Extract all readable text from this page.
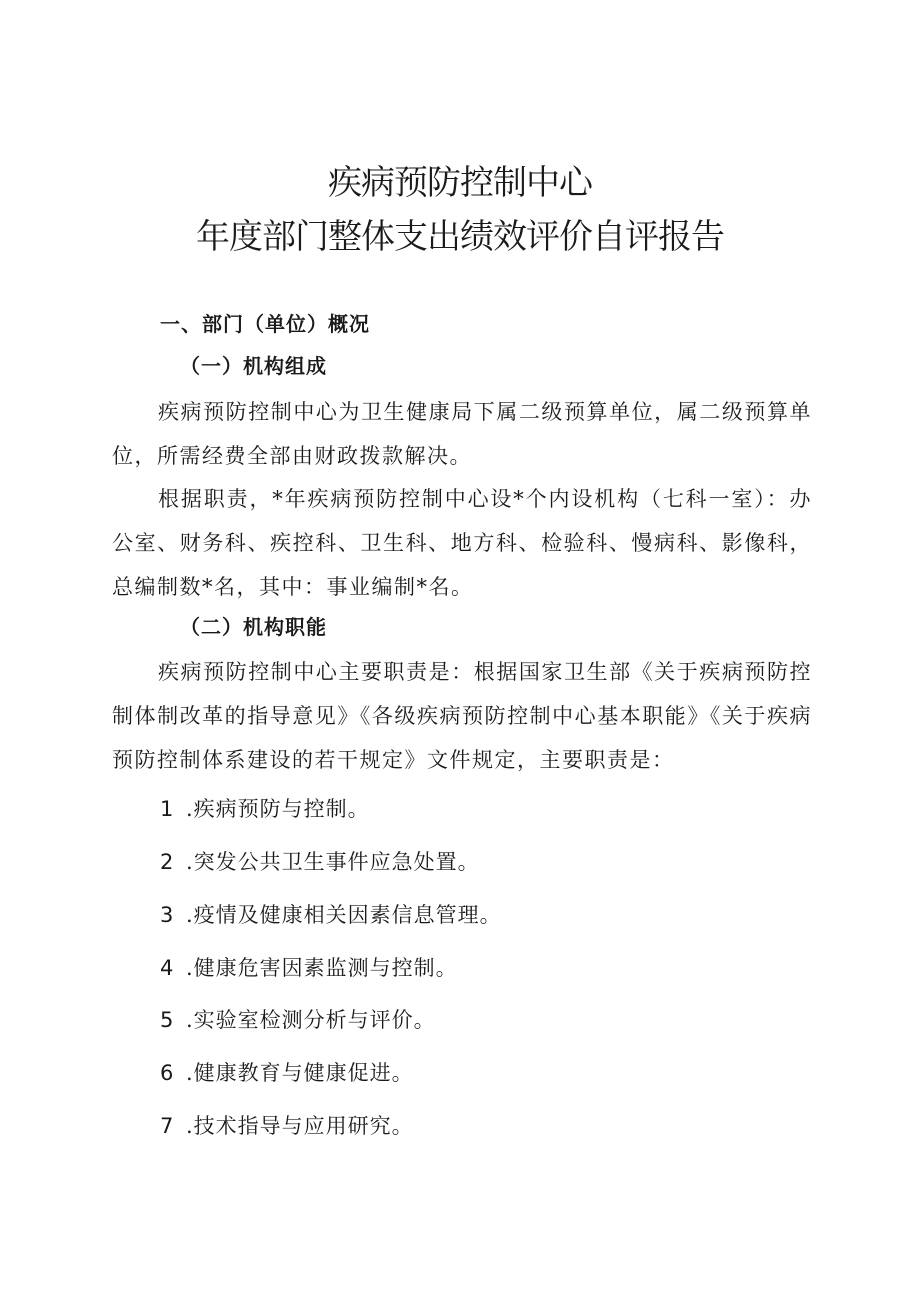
疾病预防控制中心
年度部门整体支出绩效评价自评报告
一、部门（单位）概况
（一）机构组成

疾病预防控制中心为卫生健康局下属二级预算单位，属二级预算单位，所需经费全部由财政拨款解决。

根据职责，*年疾病预防控制中心设*个内设机构（七科一室）：办公室、财务科、疾控科、卫生科、地方科、检验科、慢病科、影像科，总编制数*名，其中：事业编制*名。

（二）机构职能

疾病预防控制中心主要职责是：根据国家卫生部《关于疾病预防控制体制改革的指导意见》《各级疾病预防控制中心基本职能》《关于疾病预防控制体系建设的若干规定》文件规定，主要职责是：

1 .疾病预防与控制。
2 .突发公共卫生事件应急处置。
3 .疫情及健康相关因素信息管理。
4 .健康危害因素监测与控制。
5 .实验室检测分析与评价。
6 .健康教育与健康促进。
7 .技术指导与应用研究。
